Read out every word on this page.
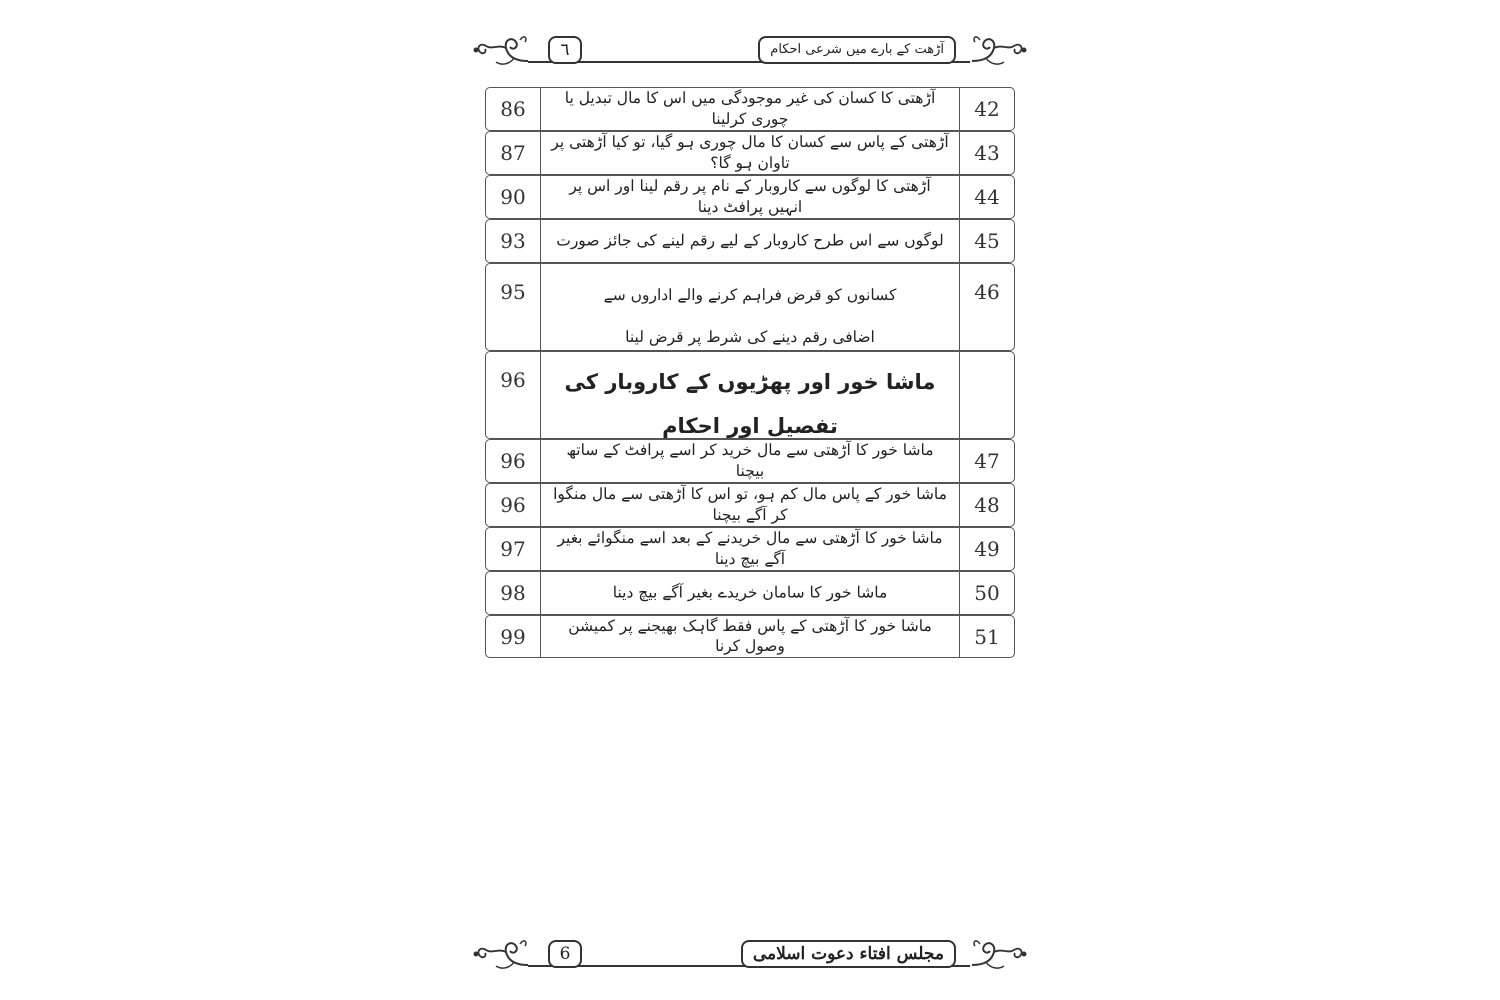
٦	آڑھت کے بارے میں شرعی احکام
86	آڑھتی کا کسان کی غیر موجودگی میں اس کا مال تبدیل یا چوری کرلینا	42
87	آڑھتی کے پاس سے کسان کا مال چوری ہو گیا، تو کیا آڑھتی پر تاوان ہو گا؟	43
90	آڑھتی کا لوگوں سے کاروبار کے نام پر رقم لینا اور اس پر انہیں پرافٹ دینا	44
93	لوگوں سے اس طرح کاروبار کے لیے رقم لینے کی جائز صورت	45
95	کسانوں کو قرض فراہم کرنے والے اداروں سے
اضافی رقم دینے کی شرط پر قرض لینا
46
96	ماشا خور اور پھڑیوں کے کاروبار کی
تفصیل اور احکام
96	ماشا خور کا آڑھتی سے مال خرید کر اسے پرافٹ کے ساتھ بیچنا	47
96	ماشا خور کے پاس مال کم ہو، تو اس کا آڑھتی سے مال منگوا کر آگے بیچنا	48
97	ماشا خور کا آڑھتی سے مال خریدنے کے بعد اسے منگوائے بغیر آگے بیچ دینا	49
98	ماشا خور کا سامان خریدے بغیر آگے بیچ دینا	50
99	ماشا خور کا آڑھتی کے پاس فقط گاہک بھیجنے پر کمیشن وصول کرنا	51
6	مجلس افتاء دعوت اسلامی
